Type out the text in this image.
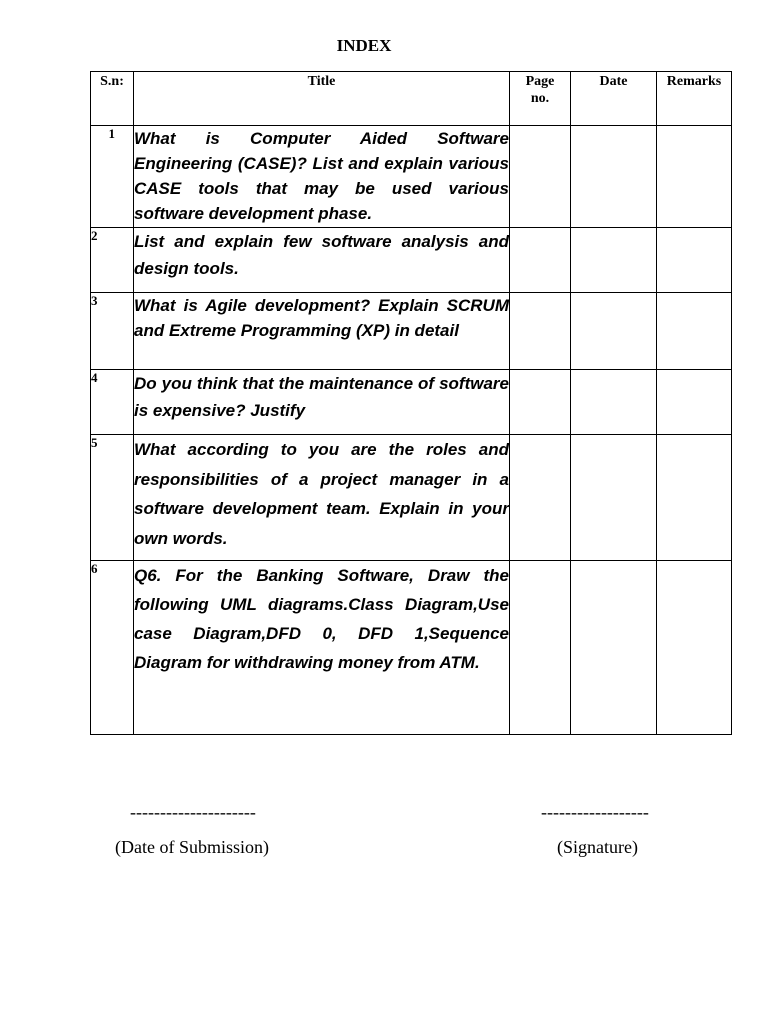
INDEX
S.n:	Title	Page no.	Date	Remarks
1	What is Computer Aided Software Engineering (CASE)? List and explain various CASE tools that may be used various software development phase.			

2	List and explain few software analysis and design tools.			

3	What is Agile development? Explain SCRUM and Extreme Programming (XP) in detail			

4	Do you think that the maintenance of software is expensive? Justify			

5	What according to you are the roles and responsibilities of a project manager in a software development team. Explain in your own words.			

6	Q6. For the Banking Software, Draw the following UML diagrams.Class Diagram,Use case Diagram,DFD 0, DFD 1,Sequence Diagram for withdrawing money from ATM.			

---------------------
(Date of Submission)
------------------
(Signature)
